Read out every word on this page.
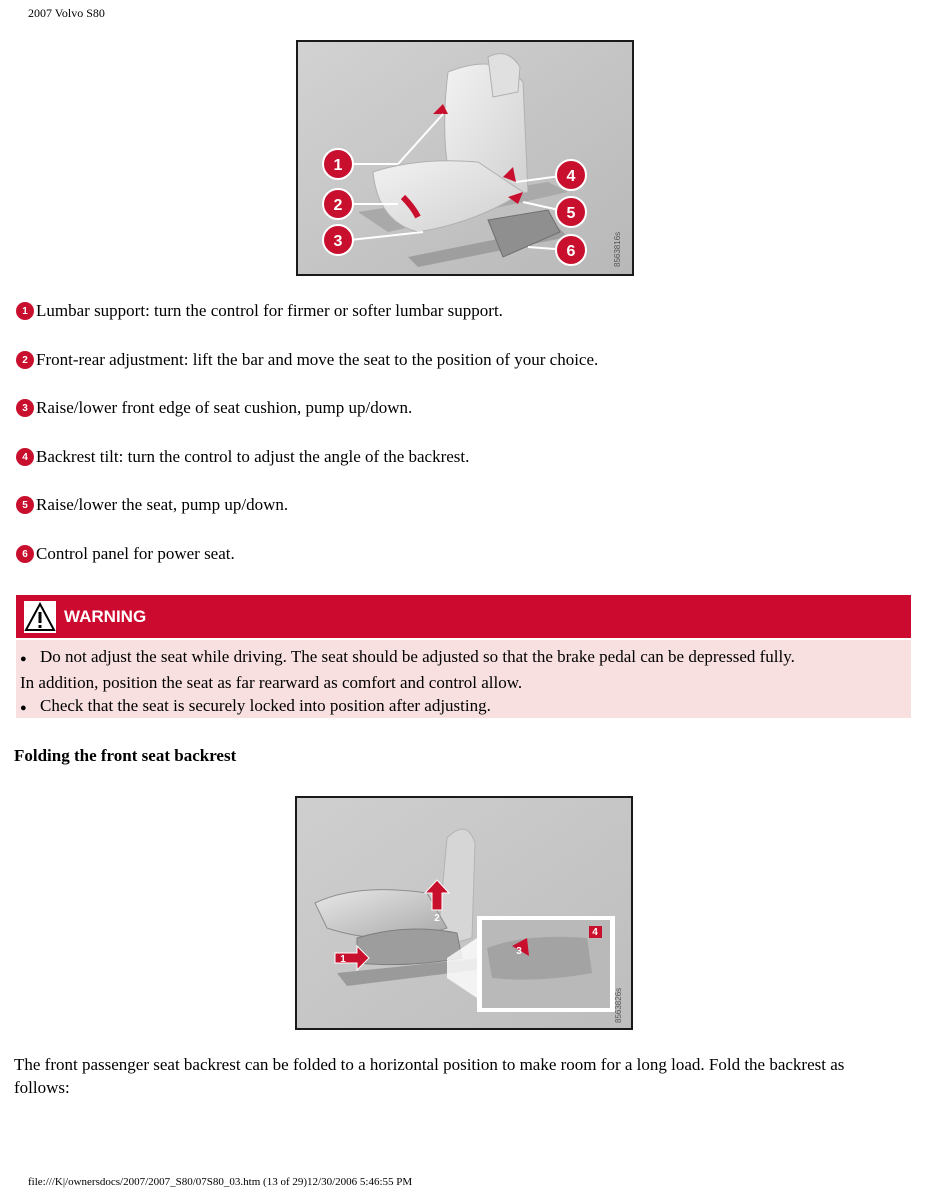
2007 Volvo S80
1
2
3
4
5
6	8563816s
1 Lumbar support: turn the control for firmer or softer lumbar support.
2 Front-rear adjustment: lift the bar and move the seat to the position of your choice.
3 Raise/lower front edge of seat cushion, pump up/down.
4 Backrest tilt: turn the control to adjust the angle of the backrest.
5 Raise/lower the seat, pump up/down.
6 Control panel for power seat.
WARNING
● Do not adjust the seat while driving. The seat should be adjusted so that the brake pedal can be depressed fully.
In addition, position the seat as far rearward as comfort and control allow.
● Check that the seat is securely locked into position after adjusting.
Folding the front seat backrest
1
2
3
4
8563826s
The front passenger seat backrest can be folded to a horizontal position to make room for a long load. Fold the backrest as follows:
file:///K|/ownersdocs/2007/2007_S80/07S80_03.htm (13 of 29)12/30/2006 5:46:55 PM
